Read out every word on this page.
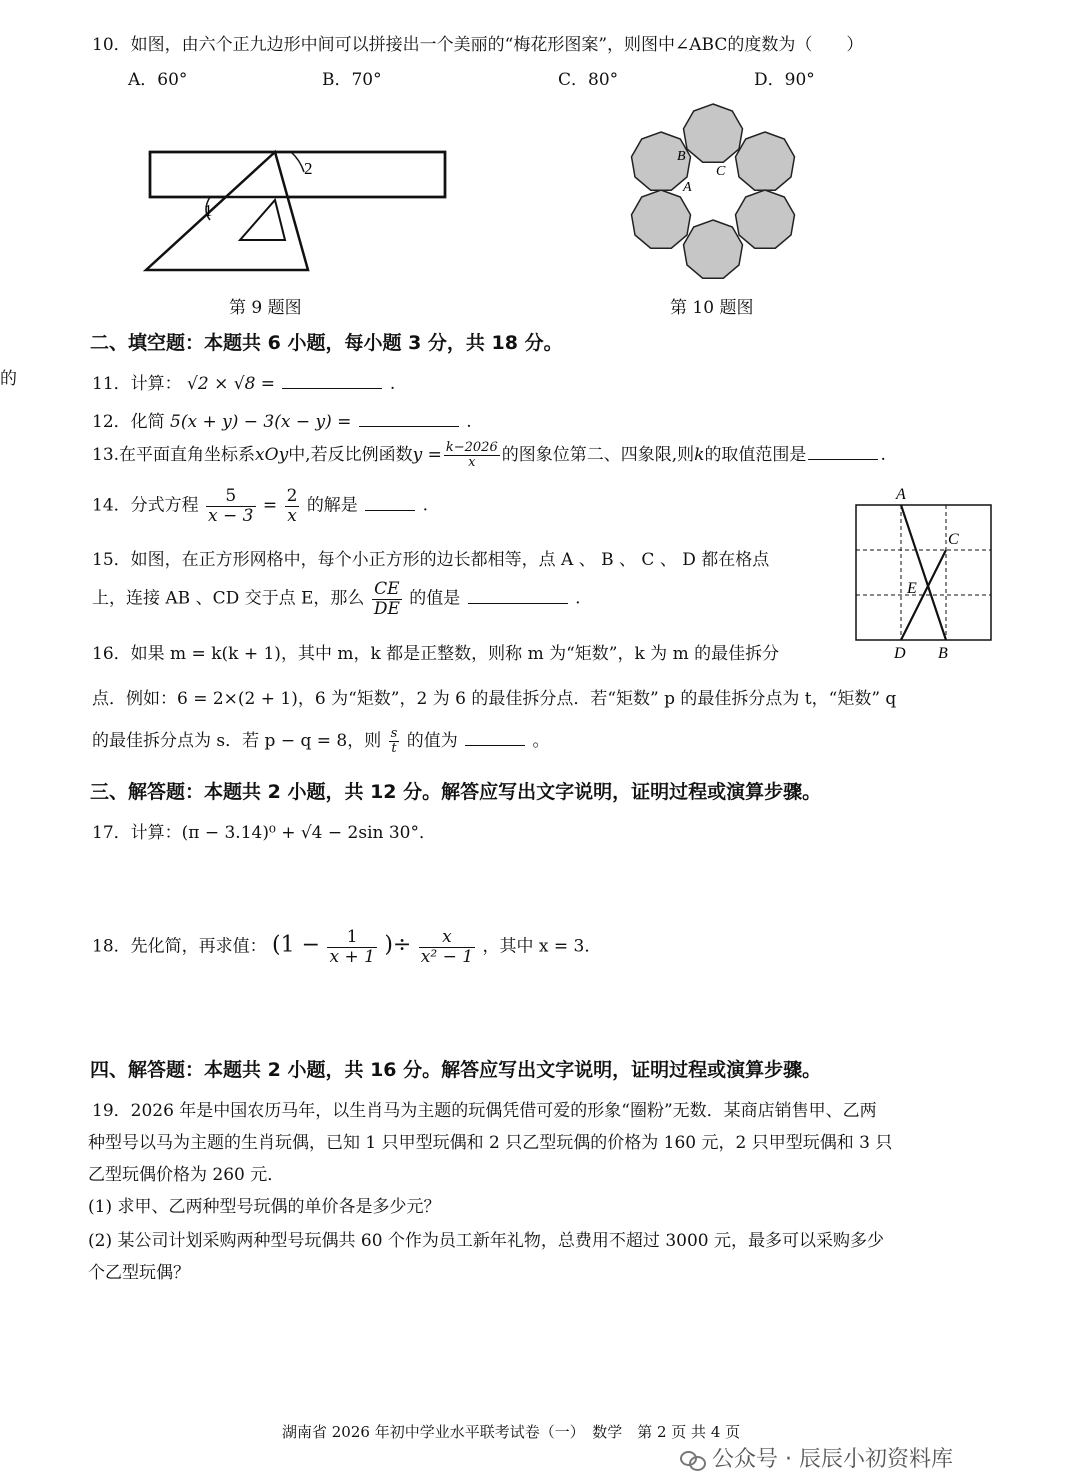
10．如图，由六个正九边形中间可以拼接出一个美丽的“梅花形图案”，则图中∠ABC的度数为（　　）
A．60°	B．70°	C．80°	D．90°
2
1
第 9 题图
B
C
A
第 10 题图
的
二、填空题：本题共 6 小题，每小题 3 分，共 18 分。
11．计算： √2 × √8 =	.
12．化简 5(x + y) − 3(x − y) =	.
13.在平面直角坐标系xOy中,若反比例函数$y = \frac{k-2026}{x}$ 的图象位第二、四象限,则k的取值范围是	.
14．分式方程 $\frac{5}{x - 3} = \frac{2}{x}$ 的解是	.
15．如图，在正方形网格中，每个小正方形的边长都相等，点 A 、 B 、 C 、 D 都在格点
上，连接 AB 、CD 交于点 E，那么 $\frac{CE}{DE}$ 的值是	.
A
B
C
D
E
16．如果 m = k(k + 1)，其中 m，k 都是正整数，则称 m 为“矩数”，k 为 m 的最佳拆分
点．例如：6 = 2×(2 + 1)，6 为“矩数”，2 为 6 的最佳拆分点．若“矩数” p 的最佳拆分点为 t，“矩数” q
的最佳拆分点为 s．若 p − q = 8，则 $\frac{s}{t}$ 的值为	。
三、解答题：本题共 2 小题，共 12 分。解答应写出文字说明，证明过程或演算步骤。
17．计算：(π − 3.14)⁰ + √4 − 2sin 30°．
18．先化简，再求值： ($1 - \frac{1}{x + 1}$ )÷ $\frac{x}{\text{x² − 1}}$ ，其中 x = 3．
四、解答题：本题共 2 小题，共 16 分。解答应写出文字说明，证明过程或演算步骤。
19．2026 年是中国农历马年，以生肖马为主题的玩偶凭借可爱的形象“圈粉”无数．某商店销售甲、乙两
种型号以马为主题的生肖玩偶，已知 1 只甲型玩偶和 2 只乙型玩偶的价格为 160 元，2 只甲型玩偶和 3 只
乙型玩偶价格为 260 元．
(1) 求甲、乙两种型号玩偶的单价各是多少元？
(2) 某公司计划采购两种型号玩偶共 60 个作为员工新年礼物，总费用不超过 3000 元，最多可以采购多少
个乙型玩偶？
湖南省 2026 年初中学业水平联考试卷（一）　数学　第 2 页 共 4 页
公众号 · 辰辰小初资料库
